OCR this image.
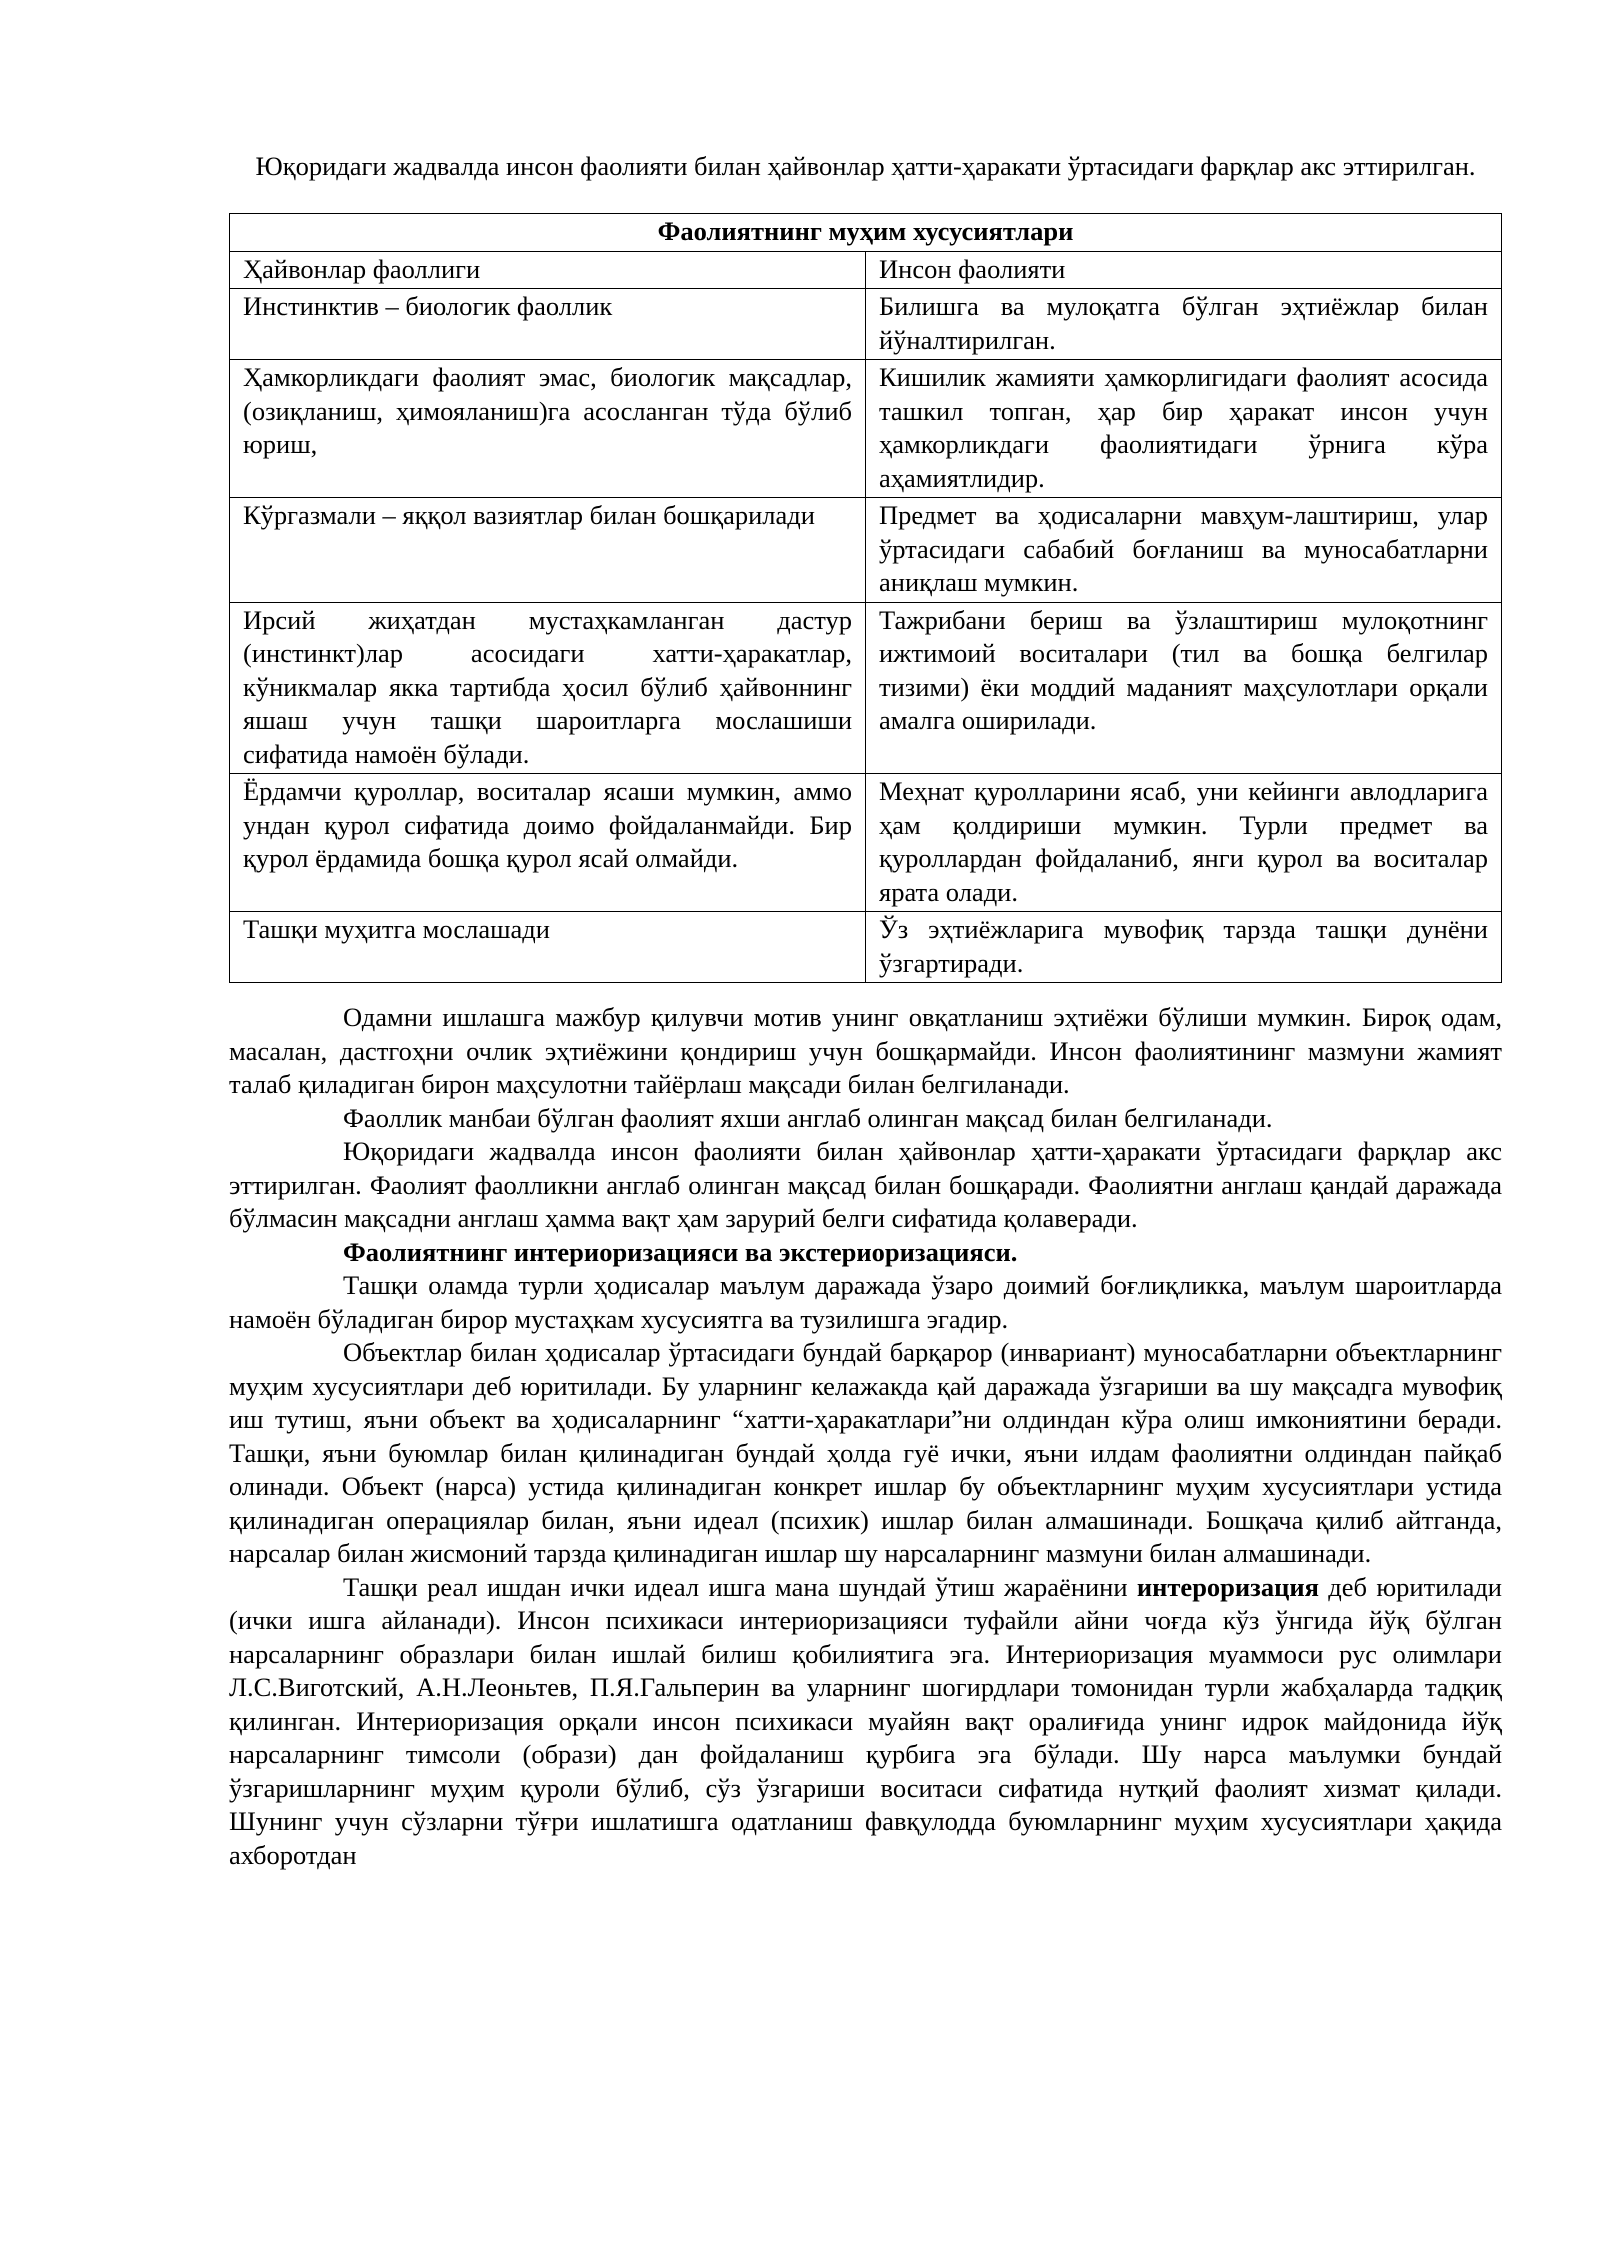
Юқоридаги жадвалда инсон фаолияти билан ҳайвонлар ҳатти-ҳаракати ўртасидаги фарқлар акс эттирилган.

Фаолиятнинг муҳим хусусиятлари	
Ҳайвонлар фаоллиги	Инсон фаолияти
Инстинктив – биологик фаоллик	Билишга ва мулоқатга бўлган эҳтиёжлар билан йўналтирилган.
Ҳамкорликдаги фаолият эмас, биологик мақсадлар, (озиқланиш, ҳимояланиш)га асосланган тўда бўлиб юриш,	Кишилик жамияти ҳамкорлигидаги фаолият асосида ташкил топган, ҳар бир ҳаракат инсон учун ҳамкорликдаги фаолиятидаги ўрнига кўра аҳамиятлидир.
Кўргазмали – яққол вазиятлар билан бошқарилади	Предмет ва ҳодисаларни мавҳум-лаштириш, улар ўртасидаги сабабий боғланиш ва муносабатларни аниқлаш мумкин.
Ирсий жиҳатдан мустаҳкамланган дастур (инстинкт)лар асосидаги хатти-ҳаракатлар, кўникмалар якка тартибда ҳосил бўлиб ҳайвоннинг яшаш учун ташқи шароитларга мослашиши сифатида намоён бўлади.	Тажрибани бериш ва ўзлаштириш мулоқотнинг ижтимоий воситалари (тил ва бошқа белгилар тизими) ёки моддий маданият маҳсулотлари орқали амалга оширилади.
Ёрдамчи қуроллар, воситалар ясаши мумкин, аммо ундан қурол сифатида доимо фойдаланмайди. Бир қурол ёрдамида бошқа қурол ясай олмайди.	Меҳнат қуролларини ясаб, уни кейинги авлодларига ҳам қолдириши мумкин. Турли предмет ва қуроллардан фойдаланиб, янги қурол ва воситалар ярата олади.
Ташқи муҳитга мослашади	Ўз эҳтиёжларига мувофиқ тарзда ташқи дунёни ўзгартиради.

Одамни ишлашга мажбур қилувчи мотив унинг овқатланиш эҳтиёжи бўлиши мумкин. Бироқ одам, масалан, дастгоҳни очлик эҳтиёжини қондириш учун бошқармайди. Инсон фаолиятининг мазмуни жамият талаб қиладиган бирон маҳсулотни тайёрлаш мақсади билан белгиланади.

Фаоллик манбаи бўлган фаолият яхши англаб олинган мақсад билан белгиланади.

Юқоридаги жадвалда инсон фаолияти билан ҳайвонлар ҳатти-ҳаракати ўртасидаги фарқлар акс эттирилган. Фаолият фаолликни англаб олинган мақсад билан бошқаради. Фаолиятни англаш қандай даражада бўлмасин мақсадни англаш ҳамма вақт ҳам зарурий белги сифатида қолаверади.

Фаолиятнинг интериоризацияси ва экстериоризацияси.

Ташқи оламда турли ҳодисалар маълум даражада ўзаро доимий боғлиқликка, маълум шароитларда намоён бўладиган бирор мустаҳкам хусусиятга ва тузилишга эгадир.

Объектлар билан ҳодисалар ўртасидаги бундай барқарор (инвариант) муносабатларни объектларнинг муҳим хусусиятлари деб юритилади. Бу уларнинг келажакда қай даражада ўзгариши ва шу мақсадга мувофиқ иш тутиш, яъни объект ва ҳодисаларнинг “хатти-ҳаракатлари”ни олдиндан кўра олиш имкониятини беради. Ташқи, яъни буюмлар билан қилинадиган бундай ҳолда гуё ички, яъни илдам фаолиятни олдиндан пайқаб олинади. Объект (нарса) устида қилинадиган конкрет ишлар бу объектларнинг муҳим хусусиятлари устида қилинадиган операциялар билан, яъни идеал (психик) ишлар билан алмашинади. Бошқача қилиб айтганда, нарсалар билан жисмоний тарзда қилинадиган ишлар шу нарсаларнинг мазмуни билан алмашинади.

Ташқи реал ишдан ички идеал ишга мана шундай ўтиш жараёнини интероризация деб юритилади (ички ишга айланади). Инсон психикаси интериоризацияси туфайли айни чоғда кўз ўнгида йўқ бўлган нарсаларнинг образлари билан ишлай билиш қобилиятига эга. Интериоризация муаммоси рус олимлари Л.С.Виготский, А.Н.Леоньтев, П.Я.Гальперин ва уларнинг шогирдлари томонидан турли жабҳаларда тадқиқ қилинган. Интериоризация орқали инсон психикаси муайян вақт оралиғида унинг идрок майдонида йўқ нарсаларнинг тимсоли (образи) дан фойдаланиш қурбига эга бўлади. Шу нарса маълумки бундай ўзгаришларнинг муҳим қуроли бўлиб, сўз ўзгариши воситаси сифатида нутқий фаолият хизмат қилади. Шунинг учун сўзларни тўғри ишлатишга одатланиш фавқулодда буюмларнинг муҳим хусусиятлари ҳақида ахборотдан
